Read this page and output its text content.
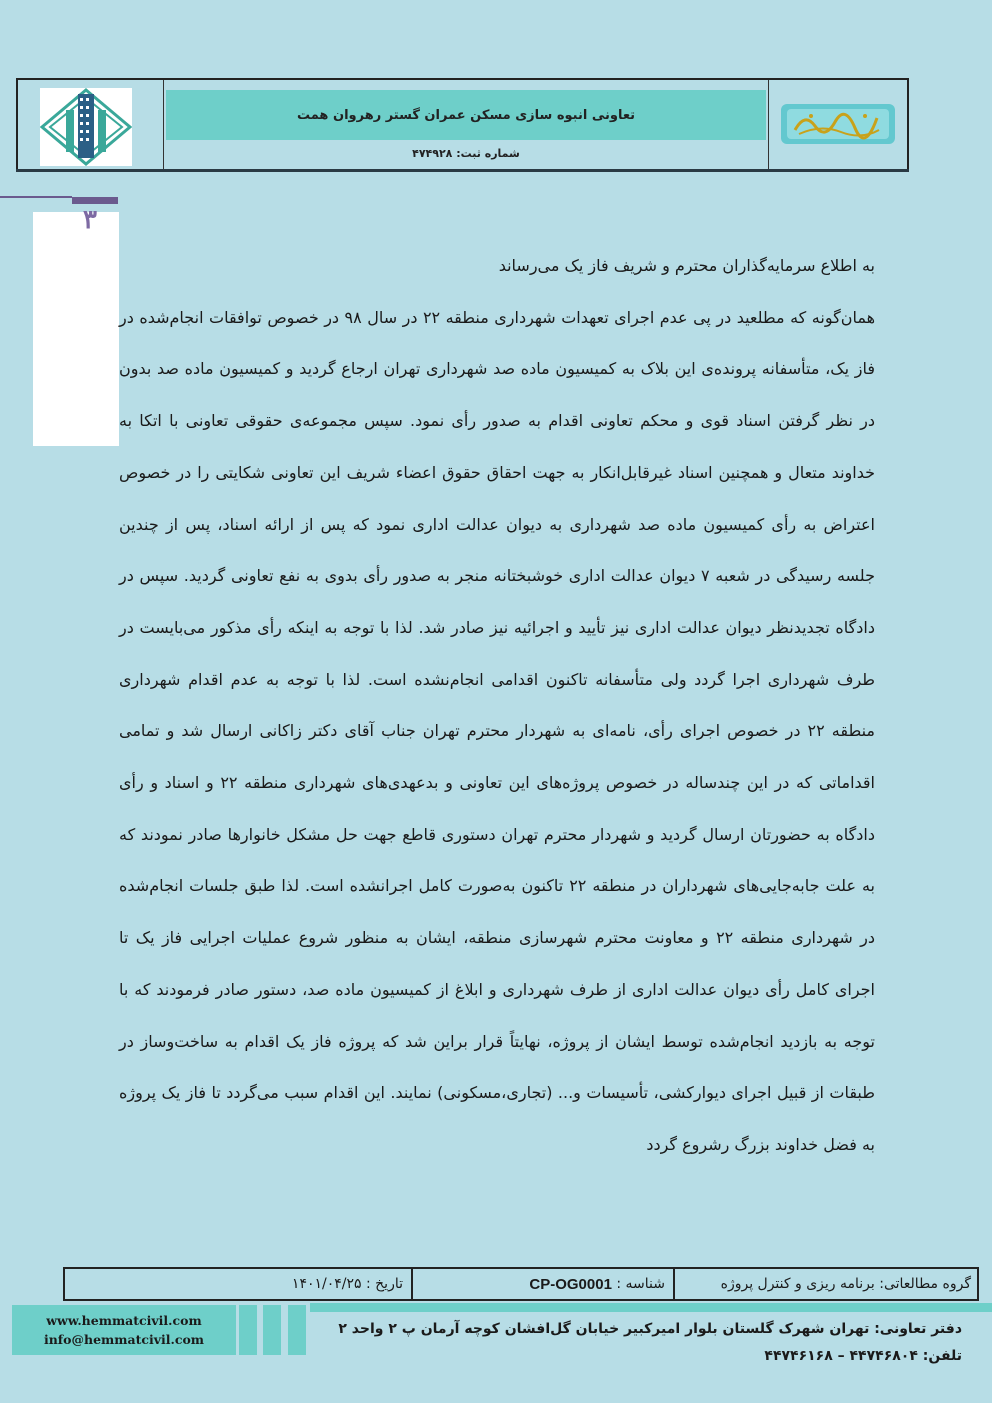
تعاونی انبوه سازی مسکن عمران گستر رهروان همت
شماره ثبت: ۴۷۴۹۲۸
۳
به اطلاع سرمایه‌گذاران محترم و شریف فاز یک می‌رساند
همان‌گونه که مطلعید در پی عدم اجرای تعهدات شهرداری منطقه ۲۲ در سال ۹۸ در خصوص توافقات انجام‌شده در فاز یک، متأسفانه پرونده‌ی این بلاک به کمیسیون ماده صد شهرداری تهران ارجاع گردید و کمیسیون ماده صد بدون در نظر گرفتن اسناد قوی و محکم تعاونی اقدام به صدور رأی نمود. سپس مجموعه‌ی حقوقی تعاونی با اتکا به خداوند متعال و همچنین اسناد غیرقابل‌انکار به جهت احقاق حقوق اعضاء شریف این تعاونی شکایتی را در خصوص اعتراض به رأی کمیسیون ماده صد شهرداری به دیوان عدالت اداری نمود که پس از ارائه اسناد، پس از چندین جلسه رسیدگی در شعبه ۷ دیوان عدالت اداری خوشبختانه منجر به صدور رأی بدوی به نفع تعاونی گردید. سپس در دادگاه تجدیدنظر دیوان عدالت اداری نیز تأیید و اجرائیه نیز صادر شد. لذا با توجه به اینکه رأی مذکور می‌بایست در طرف شهرداری اجرا گردد ولی متأسفانه تاکنون اقدامی انجام‌نشده است. لذا با توجه به عدم اقدام شهرداری منطقه ۲۲ در خصوص اجرای رأی، نامه‌ای به شهردار محترم تهران جناب آقای دکتر زاکانی ارسال شد و تمامی اقداماتی که در این چندساله در خصوص پروژه‌های این تعاونی و بدعهدی‌های شهرداری منطقه ۲۲ و اسناد و رأی دادگاه به حضورتان ارسال گردید و شهردار محترم تهران دستوری قاطع جهت حل مشکل خانوارها صادر نمودند که به علت جابه‌جایی‌های شهرداران در منطقه ۲۲ تاکنون به‌صورت کامل اجرانشده است. لذا طبق جلسات انجام‌شده در شهرداری منطقه ۲۲ و معاونت محترم شهرسازی منطقه، ایشان به منظور شروع عملیات اجرایی فاز یک تا اجرای کامل رأی دیوان عدالت اداری از طرف شهرداری و ابلاغ از کمیسیون ماده صد، دستور صادر فرمودند که با توجه به بازدید انجام‌شده توسط ایشان از پروژه، نهایتاً قرار براین شد که پروژه فاز یک اقدام به ساخت‌وساز در طبقات از قبیل اجرای دیوارکشی، تأسیسات و... (تجاری،مسکونی) نمایند. این اقدام سبب می‌گردد تا فاز یک پروژه به فضل خداوند بزرگ رشروع گردد
گروه مطالعاتی: برنامه ریزی و کنترل پروژه
شناسه :

CP-OG0001
تاریخ : ۱۴۰۱/۰۴/۲۵
www.hemmatcivil.com
info@hemmatcivil.com
دفتر تعاونی: تهران شهرک گلستان بلوار امیرکبیر خیابان گل‌افشان کوچه آرمان پ ۲ واحد ۲
تلفن: ۴۴۷۴۶۸۰۴ – ۴۴۷۴۶۱۶۸
